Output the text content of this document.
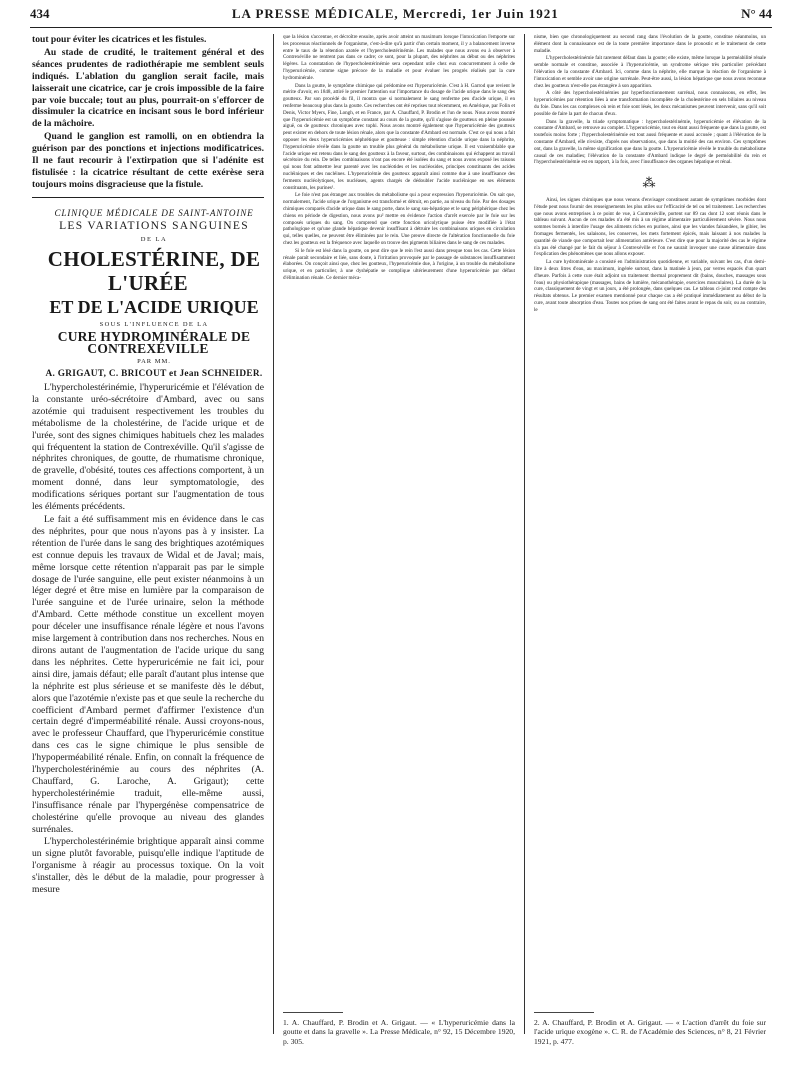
434	LA PRESSE MÉDICALE, Mercredi, 1er Juin 1921	N° 44

tout pour éviter les cicatrices et les fistules.

Au stade de crudité, le traitement général et des séances prudentes de radiothérapie me semblent seuls indiqués. L'ablation du ganglion serait facile, mais laisserait une cicatrice, car je crois impossible de la faire par voie buccale; tout au plus, pourrait-on s'efforcer de dissimuler la cicatrice en incisant sous le bord inférieur de la mâchoire.

Quand le ganglion est ramolli, on en obtiendra la guérison par des ponctions et injections modificatrices. Il ne faut recourir à l'extirpation que si l'adénite est fistulisée : la cicatrice résultant de cette exérèse sera toujours moins disgracieuse que la fistule.

CLINIQUE MÉDICALE DE SAINT-ANTOINE

LES VARIATIONS SANGUINES

DE LA

CHOLESTÉRINE, DE L'URÉE

ET DE L'ACIDE URIQUE

SOUS L'INFLUENCE DE LA

CURE HYDROMINÉRALE DE CONTREXÉVILLE

PAR MM.

A. GRIGAUT, C. BRICOUT et Jean SCHNEIDER.

L'hypercholestérinémie, l'hyperuricémie et l'élévation de la constante uréo-sécrétoire d'Ambard, avec ou sans azotémie qui traduisent respectivement les troubles du métabolisme de la cholestérine, de l'acide urique et de l'urée, sont des signes chimiques habituels chez les malades qui fréquentent la station de Contrexéville. Qu'il s'agisse de néphrites chroniques, de goutte, de rhumatisme chronique, de gravelle, d'obésité, toutes ces affections comportent, à un moment donné, dans leur symptomatologie, des modifications sériques portant sur l'augmentation de tous les éléments précédents.

Le fait a été suffisamment mis en évidence dans le cas des néphrites, pour que nous n'ayons pas à y insister. La rétention de l'urée dans le sang des brightiques azotémiques est connue depuis les travaux de Widal et de Javal; mais, même lorsque cette rétention n'apparait pas par le simple dosage de l'urée sanguine, elle peut exister néanmoins à un léger degré et être mise en lumière par la comparaison de l'urée sanguine et de l'urée urinaire, selon la méthode d'Ambard. Cette méthode constitue un excellent moyen pour déceler une insuffisance rénale légère et nous l'avons mise largement à contribution dans nos recherches. Nous en dirons autant de l'augmentation de l'acide urique du sang dans les néphrites. Cette hyperuricémie ne fait ici, pour ainsi dire, jamais défaut; elle paraît d'autant plus intense que la néphrite est plus sérieuse et se manifeste dès le début, alors que l'azotémie n'existe pas et que seule la recherche du coefficient d'Ambard permet d'affirmer l'existence d'un certain degré d'imperméabilité rénale. Aussi croyons-nous, avec le professeur Chauffard, que l'hyperuricémie constitue dans ces cas le signe chimique le plus sensible de l'hypoperméabilité rénale. Enfin, on connaît la fréquence de l'hypercholestérinémie au cours des néphrites (A. Chauffard, G. Laroche, A. Grigaut); cette hypercholestérinémie traduit, elle-même aussi, l'insuffisance rénale par l'hypergénèse compensatrice de cholestérine qu'elle provoque au niveau des glandes surrénales.

L'hypercholestérinémie brightique apparaît ainsi comme un signe plutôt favorable, puisqu'elle indique l'aptitude de l'organisme à réagir au processus toxique. On la voit s'installer, dès le début de la maladie, pour progresser à mesure

que la lésion s'accentue, et décroître ensuite, après avoir atteint un maximum lorsque l'intoxication l'emporte sur les processus réactionnels de l'organisme, c'est-à-dire qu'à partir d'un certain moment, il y a balancement inverse entre le taux de la rétention azotée et l'hypercholestérinémie. Les malades que nous avons eu à observer à Contrexéville ne rentrent pas dans ce cadre; ce sont, pour la plupart, des néphrites au début ou des néphrites légères. La constatation de l'hypercholestérinémie sera cependant utile chez eux concurremment à celle de l'hyperuricémie, comme signe précoce de la maladie et pour évaluer les progrès réalisés par la cure hydrominérale.

Dans la goutte, le symptôme chimique qui prédomine est l'hyperuricémie. C'est à H. Garrod que revient le mérite d'avoir, en 1848, attiré le premier l'attention sur l'importance du dosage de l'acide urique dans le sang des goutteux. Par son procédé du fil, il montra que si normalement le sang renferme peu d'acide urique, il en renferme beaucoup plus dans la goutte. Ces recherches ont été reprises tout récemment, en Amérique, par Folin et Denis, Victor Myers, Fine, Longh, et en France, par A. Chauffard, P. Brodin et l'un de nous. Nous avons montré que l'hyperuricémie est un symptôme constant au cours de la goutte, qu'il s'agisse de goutteux en pleine poussée aiguë, ou de goutteux chroniques avec tophi. Nous avons montré également que l'hyperuricémie des goutteux peut exister en dehors de toute lésion rénale, alors que la constante d'Ambard est normale. C'est ce qui nous a fait opposer les deux hyperuricémies néphrétique et goutteuse : simple rétention d'acide urique dans la néphrite, l'hyperuricémie révèle dans la goutte un trouble plus général du métabolisme urique. Il est vraisemblable que l'acide urique est retenu dans le sang des goutteux à la faveur, surtout, des combinaisons qui échappent au travail sécrétoire du rein. De telles combinaisons n'ont pas encore été isolées du sang et nous avons exposé les raisons qui nous font admettre leur parenté avec les nucléotides et les nucléosides, principes constituants des acides nucléiniques et des nucléines. L'hyperuricémie des goutteux apparaît ainsi comme due à une insuffisance des ferments nucléolytiques, les nucléases, agents chargés de dédoubler l'acide nucléinique en ses éléments constituants, les purines¹.

Le foie n'est pas étranger aux troubles du métabolisme qui a pour expression l'hyperuricémie. On sait que, normalement, l'acide urique de l'organisme est transformé et détruit, en partie, au niveau du foie. Par des dosages chimiques comparés d'acide urique dans le sang porte, dans le sang sus-hépatique et le sang périphérique chez les chiens en période de digestion, nous avons pu² mettre en évidence l'action d'arrêt exercée par le foie sur les composés uriques du sang. On comprend que cette fonction uricolytique puisse être modifiée à l'état pathologique et qu'une glande hépatique devenir insuffisant à détruire les combinaisons uriques en circulation qui, telles quelles, ne peuvent être éliminées par le rein. Une preuve directe de l'altération fonctionnelle du foie chez les goutteux est la fréquence avec laquelle on trouve des pigments biliaires dans le sang de ces malades.

Si le foie est lésé dans la goutte, on peut dire que le rein l'est aussi dans presque tous les cas. Cette lésion rénale paraît secondaire et liée, sans doute, à l'irritation provoquée par le passage de substances insuffisamment élaborées. On conçoit ainsi que, chez les goutteux, l'hyperuricémie due, à l'origine, à un trouble du métabolisme urique, et en particulier, à une dyshépatie se complique ultérieurement d'une hyperuricémie par défaut d'élimination rénale. Ce dernier méca-

nisme, bien que chronologiquement au second rang dans l'évolution de la goutte, constitue néanmoins, un élément dont la connaissance est de la toute première importance dans le pronostic et le traitement de cette maladie.

L'hypercholestérinémie fait rarement défaut dans la goutte; elle existe, même lorsque la perméabilité rénale semble normale et constitue, associée à l'hyperuricémie, un syndrome sérique très particulier précédant l'élévation de la constante d'Ambard. Ici, comme dans la néphrite, elle marque la réaction de l'organisme à l'intoxication et semble avoir une origine surrénale. Peut-être aussi, la lésion hépatique que nous avons reconnue chez les goutteux n'est-elle pas étrangère à son apparition.

A côté des hypercholestérinémies par hyperfonctionnement surrénal, nous connaissons, en effet, les hyperuricémies par rétention liées à une transformation incomplète de la cholestérine en sels biliaires au niveau du foie. Dans les cas complexes où rein et foie sont lésés, les deux mécanismes peuvent intervenir, sans qu'il soit possible de faire la part de chacun d'eux.

Dans la gravelle, la triade symptomatique : hypercholestérinémie, hyperuricémie et élévation de la constante d'Ambard, se retrouve au complet. L'hyperuricémie, tout en étant aussi fréquente que dans la goutte, est toutefois moins forte ; l'hypercholestérinémie est tout aussi fréquente et aussi accusée ; quant à l'élévation de la constante d'Ambard, elle n'existe, d'après nos observations, que dans la moitié des cas environ. Ces symptômes ont, dans la gravelle, la même signification que dans la goutte. L'hyperuricémie révèle le trouble du métabolisme causal de ces maladies; l'élévation de la constante d'Ambard indique le degré de perméabilité du rein et l'hypercholestérinémie est en rapport, à la fois, avec l'insuffisance des organes hépatique et rénal.

⁂

Ainsi, les signes chimiques que nous venons d'envisager constituent autant de symptômes morbides dont l'étude peut nous fournir des renseignements les plus utiles sur l'efficacité de tel ou tel traitement. Les recherches que nous avons entreprises à ce point de vue, à Contrexéville, portent sur 89 cas dont 12 sont réunis dans le tableau suivant. Aucun de ces malades n'a été mis à un régime alimentaire particulièrement sévère. Nous nous sommes bornés à interdire l'usage des aliments riches en purines, ainsi que les viandes faisandées, le gibier, les fromages fermentés, les salaisons, les conserves, les mets fortement épicés, mais laissant à nos malades la quantité de viande que comportait leur alimentation antérieure. C'est dire que pour la majorité des cas le régime n'a pas été changé par le fait du séjour à Contrexéville et l'on ne saurait invoquer une cause alimentaire dans l'explication des phénomènes que nous allons exposer.

La cure hydrominérale a consisté en l'administration quotidienne, et variable, suivant les cas, d'un demi-litre à deux litres d'eau, au maximum, ingérée surtout, dans la matinée à jeun, par verres espacés d'un quart d'heure. Parfois à cette cure était adjoint un traitement thermal proprement dit (bains, douches, massages sous l'eau) ou physiothérapique (massages, bains de lumière, mécanothérapie, exercices musculaires). La durée de la cure, classiquement de vingt et un jours, a été prolongée, dans quelques cas. Le tableau ci-joint rend compte des résultats obtenus. Le premier examen mentionné pour chaque cas a été pratiqué immédiatement au début de la cure, avant toute absorption d'eau. Toutes nos prises de sang ont été faites avant le repas du soir, ou au contraire, le

1. A. Chauffard, P. Brodin et A. Grigaut. — « L'hyperuricémie dans la goutte et dans la gravelle ». La Presse Médicale, n° 92, 15 Décembre 1920, p. 305.
2. A. Chauffard, P. Brodin et A. Grigaut. — « L'action d'arrêt du foie sur l'acide urique exogène ». C. R. de l'Académie des Sciences, n° 8, 21 Février 1921, p. 477.
